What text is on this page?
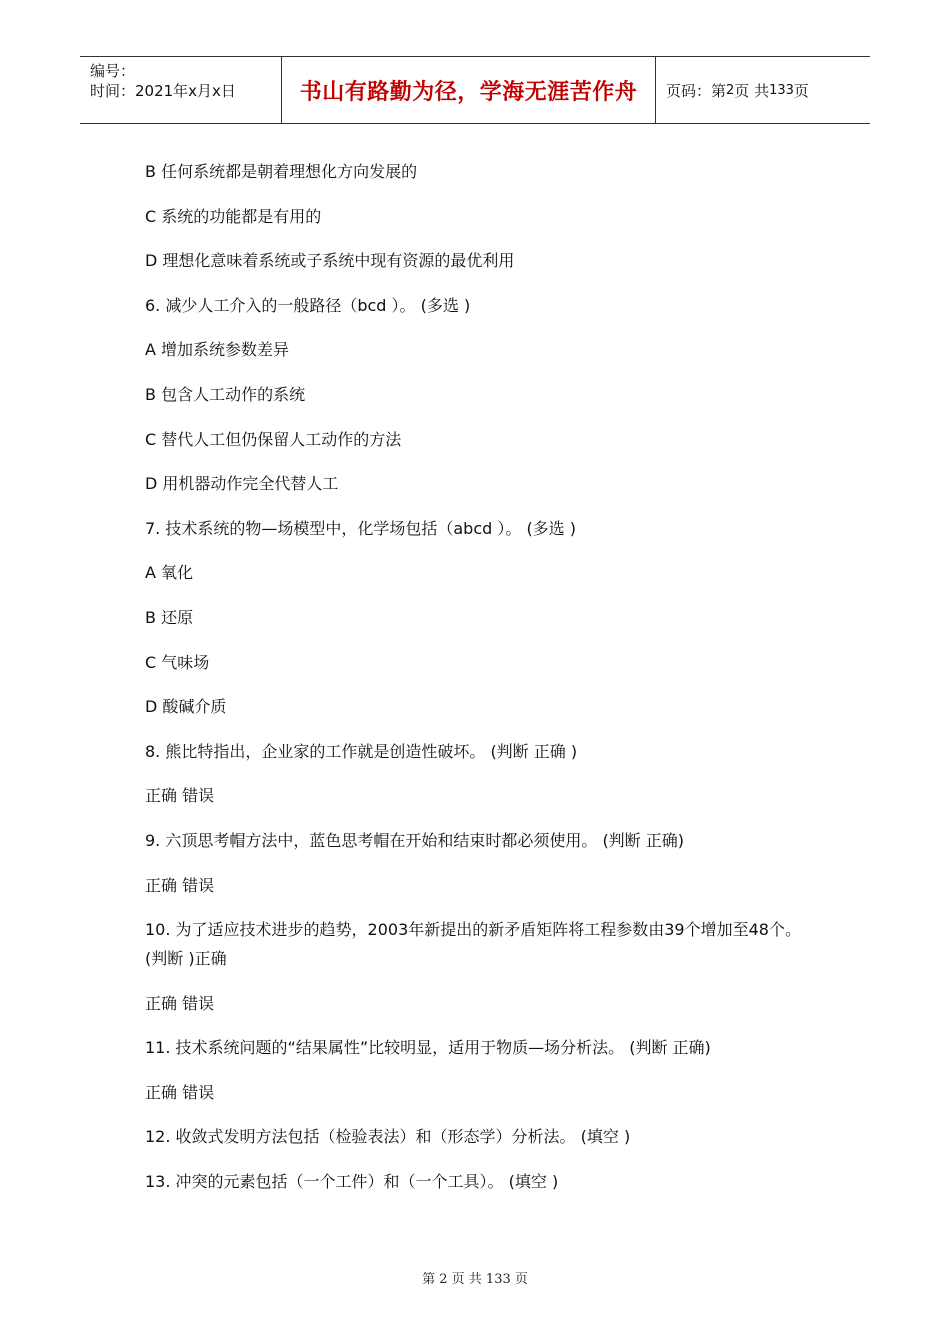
编号：
时间：2021年x月x日	书山有路勤为径，学海无涯苦作舟	页码：第 2 页 共 133 页

B 任何系统都是朝着理想化方向发展的

C 系统的功能都是有用的

D 理想化意味着系统或子系统中现有资源的最优利用

6. 减少人工介入的一般路径（bcd ）。 (多选 )

A 增加系统参数差异

B 包含人工动作的系统

C 替代人工但仍保留人工动作的方法

D 用机器动作完全代替人工

7. 技术系统的物—场模型中，化学场包括（abcd ）。 (多选 )

A 氧化

B 还原

C 气味场

D 酸碱介质

8. 熊比特指出，企业家的工作就是创造性破坏。 (判断 正确 )

正确 错误

9. 六顶思考帽方法中，蓝色思考帽在开始和结束时都必须使用。 (判断 正确)

正确 错误

10. 为了适应技术进步的趋势，2003年新提出的新矛盾矩阵将工程参数由39个增加至48个。 (判断 )正确

正确 错误

11. 技术系统问题的“结果属性”比较明显，适用于物质—场分析法。 (判断 正确)

正确 错误

12. 收敛式发明方法包括（检验表法）和（形态学）分析法。 (填空 )

13. 冲突的元素包括（一个工件）和（一个工具）。 (填空 )

第 2 页 共 133 页
